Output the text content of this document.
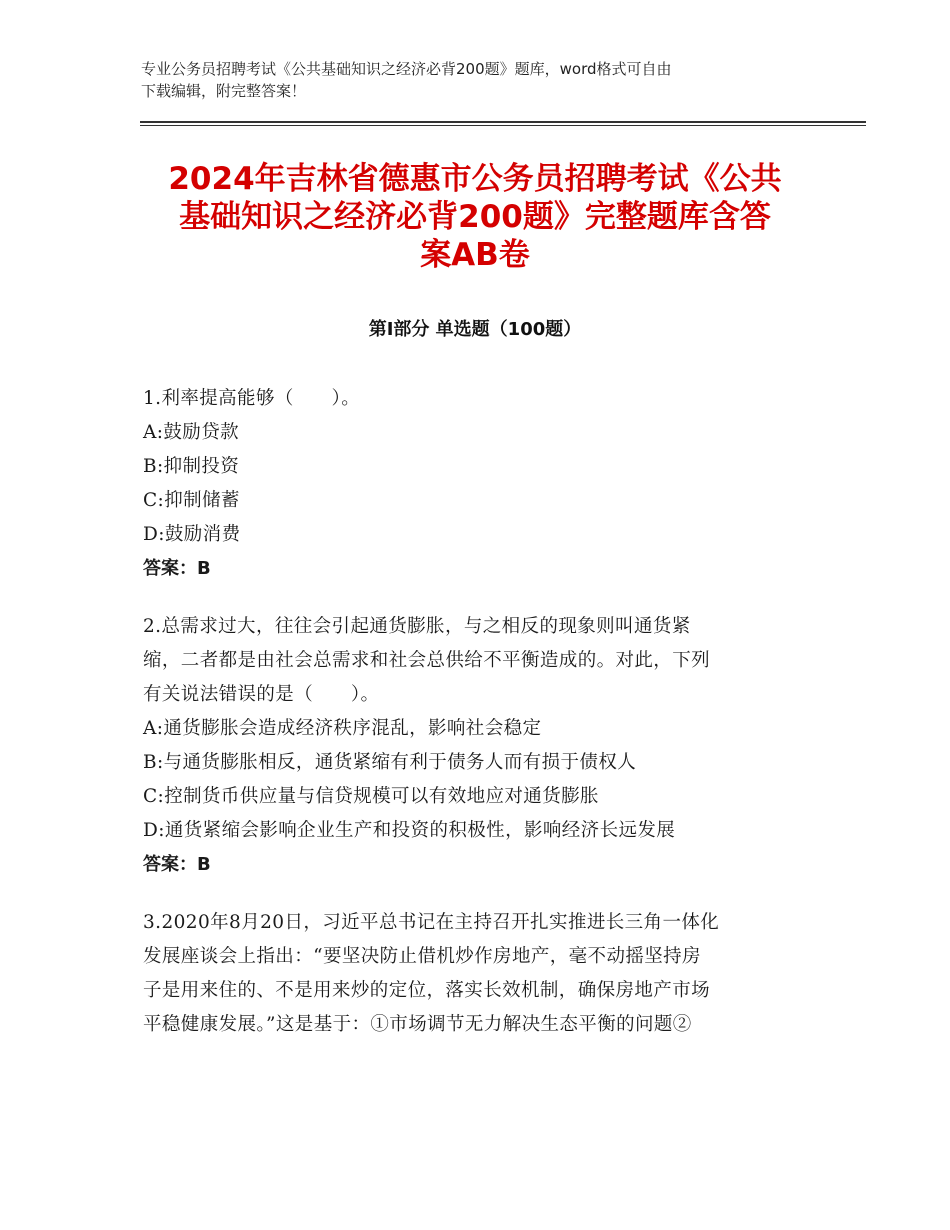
专业公务员招聘考试《公共基础知识之经济必背200题》题库，word格式可自由
下载编辑，附完整答案！
2024年吉林省德惠市公务员招聘考试《公共
基础知识之经济必背200题》完整题库含答
案AB卷
第I部分 单选题（100题）
1.利率提高能够（　　）。
A:鼓励贷款
B:抑制投资
C:抑制储蓄
D:鼓励消费
答案：B
2.总需求过大，往往会引起通货膨胀，与之相反的现象则叫通货紧
缩，二者都是由社会总需求和社会总供给不平衡造成的。对此，下列
有关说法错误的是（　　）。
A:通货膨胀会造成经济秩序混乱，影响社会稳定
B:与通货膨胀相反，通货紧缩有利于债务人而有损于债权人
C:控制货币供应量与信贷规模可以有效地应对通货膨胀
D:通货紧缩会影响企业生产和投资的积极性，影响经济长远发展
答案：B
3.2020年8月20日，习近平总书记在主持召开扎实推进长三角一体化
发展座谈会上指出：“要坚决防止借机炒作房地产，毫不动摇坚持房
子是用来住的、不是用来炒的定位，落实长效机制，确保房地产市场
平稳健康发展。”这是基于：①市场调节无力解决生态平衡的问题②
